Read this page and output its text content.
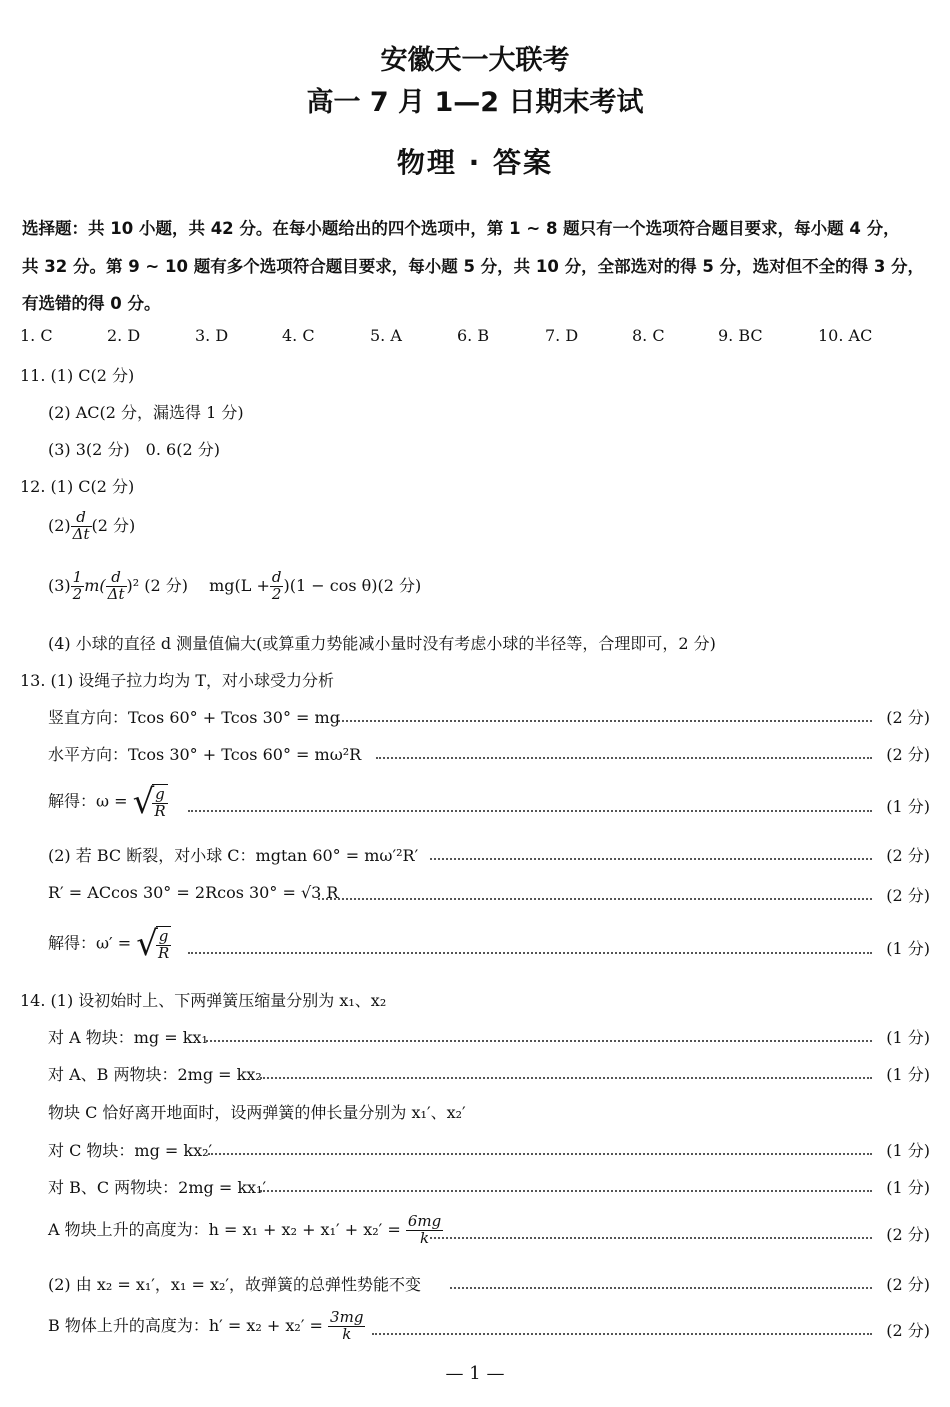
安徽天一大联考
高一 7 月 1—2 日期末考试
物理 · 答案
选择题：共 10 小题，共 42 分。在每小题给出的四个选项中，第 1 ~ 8 题只有一个选项符合题目要求，每小题 4 分，
共 32 分。第 9 ~ 10 题有多个选项符合题目要求，每小题 5 分，共 10 分，全部选对的得 5 分，选对但不全的得 3 分，
有选错的得 0 分。
1. C	2. D	3. D	4. C	5. A	6. B	7. D	8. C	9. BC	10. AC
11. (1) C(2 分)
(2) AC(2 分，漏选得 1 分)
(3) 3(2 分)　0. 6(2 分)
12. (1) C(2 分)
$(2) \frac{d}{\Delta t} (2$ 分)
$(3) \frac{1}{2} m( \frac{d}{\Delta t} )^2$ (2 分)　 $mg(L + \frac{d}{2} )(1 - \cos \theta)(2$ 分)
(4) 小球的直径 d 测量值偏大(或算重力势能减小量时没有考虑小球的半径等，合理即可，2 分)
13. (1) 设绳子拉力均为 T，对小球受力分析
竖直方向：Tcos 60° + Tcos 30° = mg	(2 分)
水平方向：Tcos 30° + Tcos 60° = mω²R	(2 分)
解得：ω = √
$\frac{g}{R}$	(1 分)
(2) 若 BC 断裂，对小球 C：mgtan 60° = mω′²R′	(2 分)
R′ = ACcos 30° = 2Rcos 30° = √3 R	(2 分)
解得：ω′ = √
$\frac{g}{R}$	(1 分)
14. (1) 设初始时上、下两弹簧压缩量分别为 x₁、x₂
对 A 物块：mg = kx₁	(1 分)
对 A、B 两物块：2mg = kx₂	(1 分)
物块 C 恰好离开地面时，设两弹簧的伸长量分别为 x₁′、x₂′
对 C 物块：mg = kx₂′	(1 分)
对 B、C 两物块：2mg = kx₁′	(1 分)
A 物块上升的高度为：$h = x_1 + x_2 + x_1' + x_2' = \frac{6mg}{k}$	(2 分)
(2) 由 x₂ = x₁′，x₁ = x₂′，故弹簧的总弹性势能不变	(2 分)
B 物体上升的高度为：$h' = x_2 + x_2' = \frac{3mg}{k}$	(2 分)
— 1 —
